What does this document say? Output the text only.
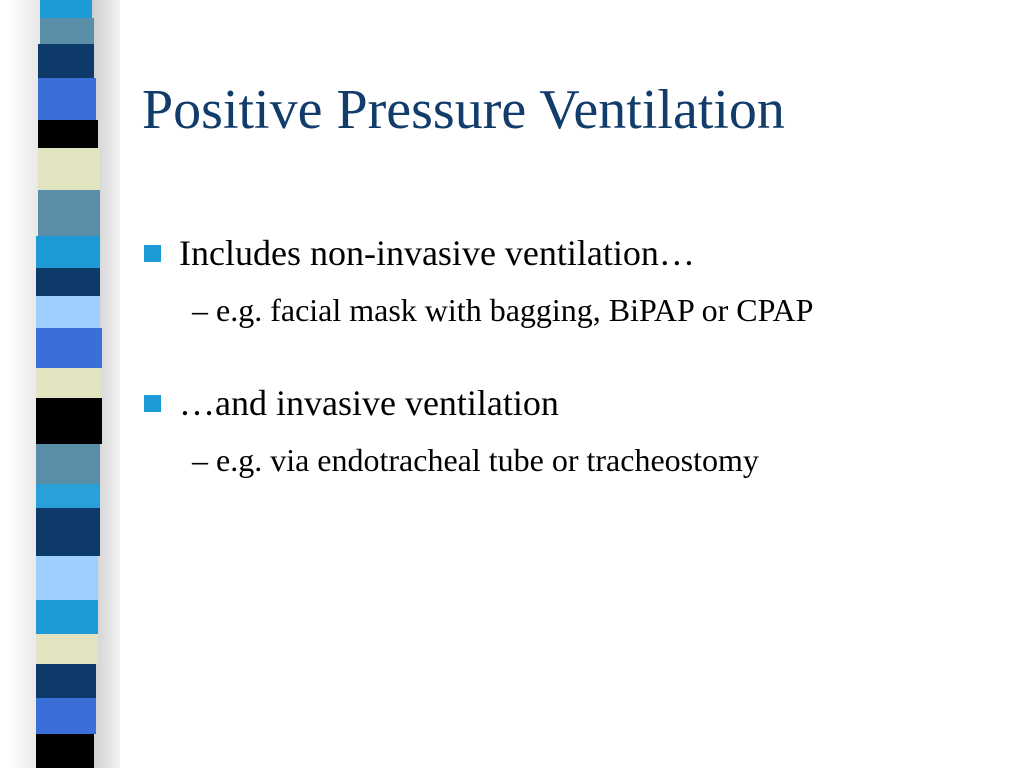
Positive Pressure Ventilation
Includes non-invasive ventilation…
– e.g. facial mask with bagging, BiPAP or CPAP
…and invasive ventilation
– e.g. via endotracheal tube or tracheostomy
